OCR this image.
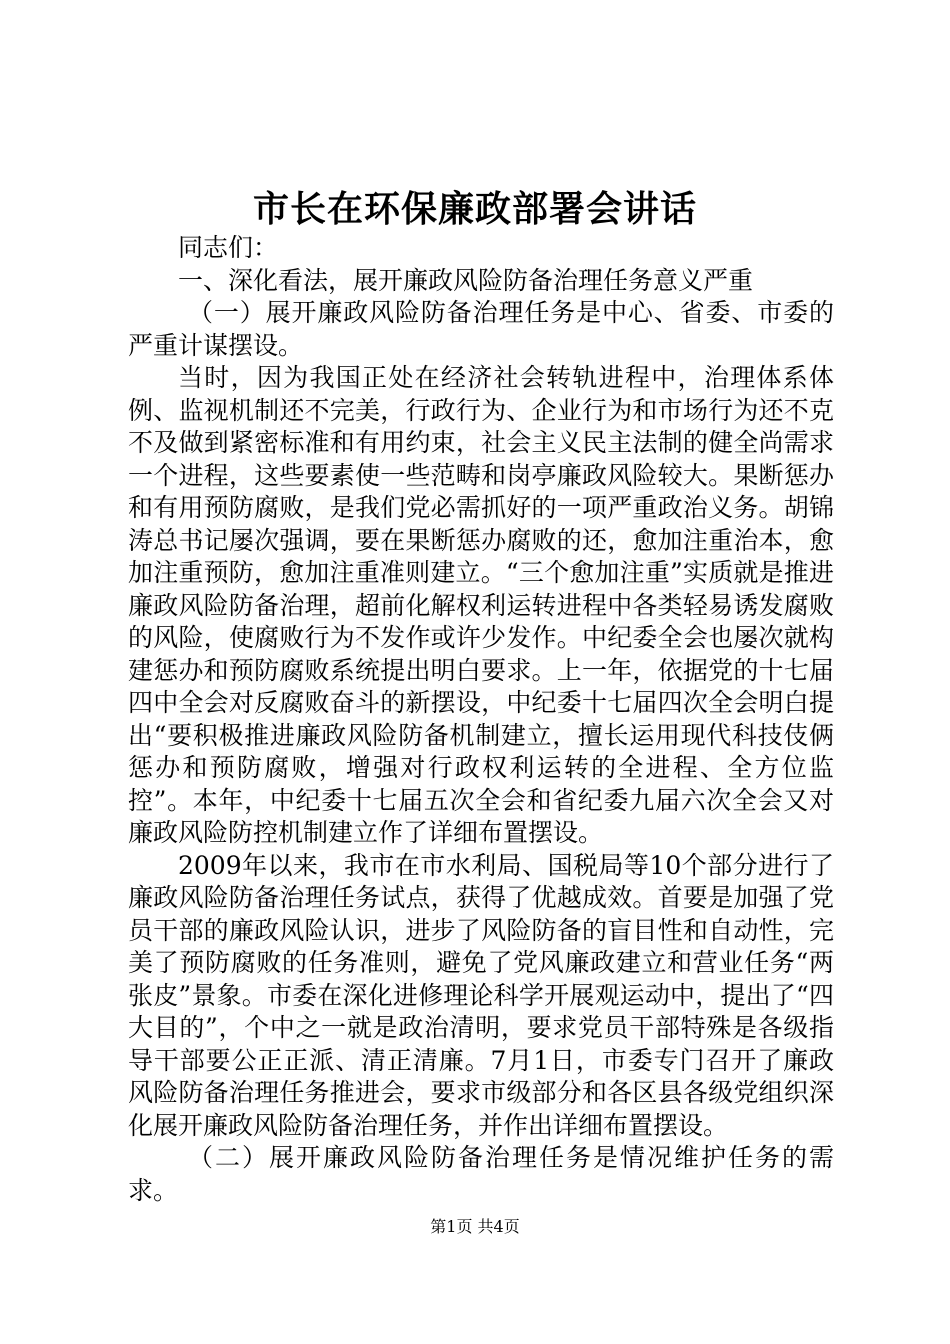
市长在环保廉政部署会讲话

同志们：

一、深化看法，展开廉政风险防备治理任务意义严重

（一）展开廉政风险防备治理任务是中心、省委、市委的严重计谋摆设。

当时，因为我国正处在经济社会转轨进程中，治理体系体例、监视机制还不完美，行政行为、企业行为和市场行为还不克不及做到紧密标准和有用约束，社会主义民主法制的健全尚需求一个进程，这些要素使一些范畴和岗亭廉政风险较大。果断惩办和有用预防腐败，是我们党必需抓好的一项严重政治义务。胡锦涛总书记屡次强调，要在果断惩办腐败的还，愈加注重治本，愈加注重预防，愈加注重准则建立。“三个愈加注重”实质就是推进廉政风险防备治理，超前化解权利运转进程中各类轻易诱发腐败的风险，使腐败行为不发作或许少发作。中纪委全会也屡次就构建惩办和预防腐败系统提出明白要求。上一年，依据党的十七届四中全会对反腐败奋斗的新摆设，中纪委十七届四次全会明白提出“要积极推进廉政风险防备机制建立，擅长运用现代科技伎俩惩办和预防腐败，增强对行政权利运转的全进程、全方位监控”。本年，中纪委十七届五次全会和省纪委九届六次全会又对廉政风险防控机制建立作了详细布置摆设。

2009年以来，我市在市水利局、国税局等10个部分进行了廉政风险防备治理任务试点，获得了优越成效。首要是加强了党员干部的廉政风险认识，进步了风险防备的盲目性和自动性，完美了预防腐败的任务准则，避免了党风廉政建立和营业任务“两张皮”景象。市委在深化进修理论科学开展观运动中，提出了“四大目的”，个中之一就是政治清明，要求党员干部特殊是各级指导干部要公正正派、清正清廉。7月1日，市委专门召开了廉政风险防备治理任务推进会，要求市级部分和各区县各级党组织深化展开廉政风险防备治理任务，并作出详细布置摆设。

（二）展开廉政风险防备治理任务是情况维护任务的需求。

第1页 共4页
